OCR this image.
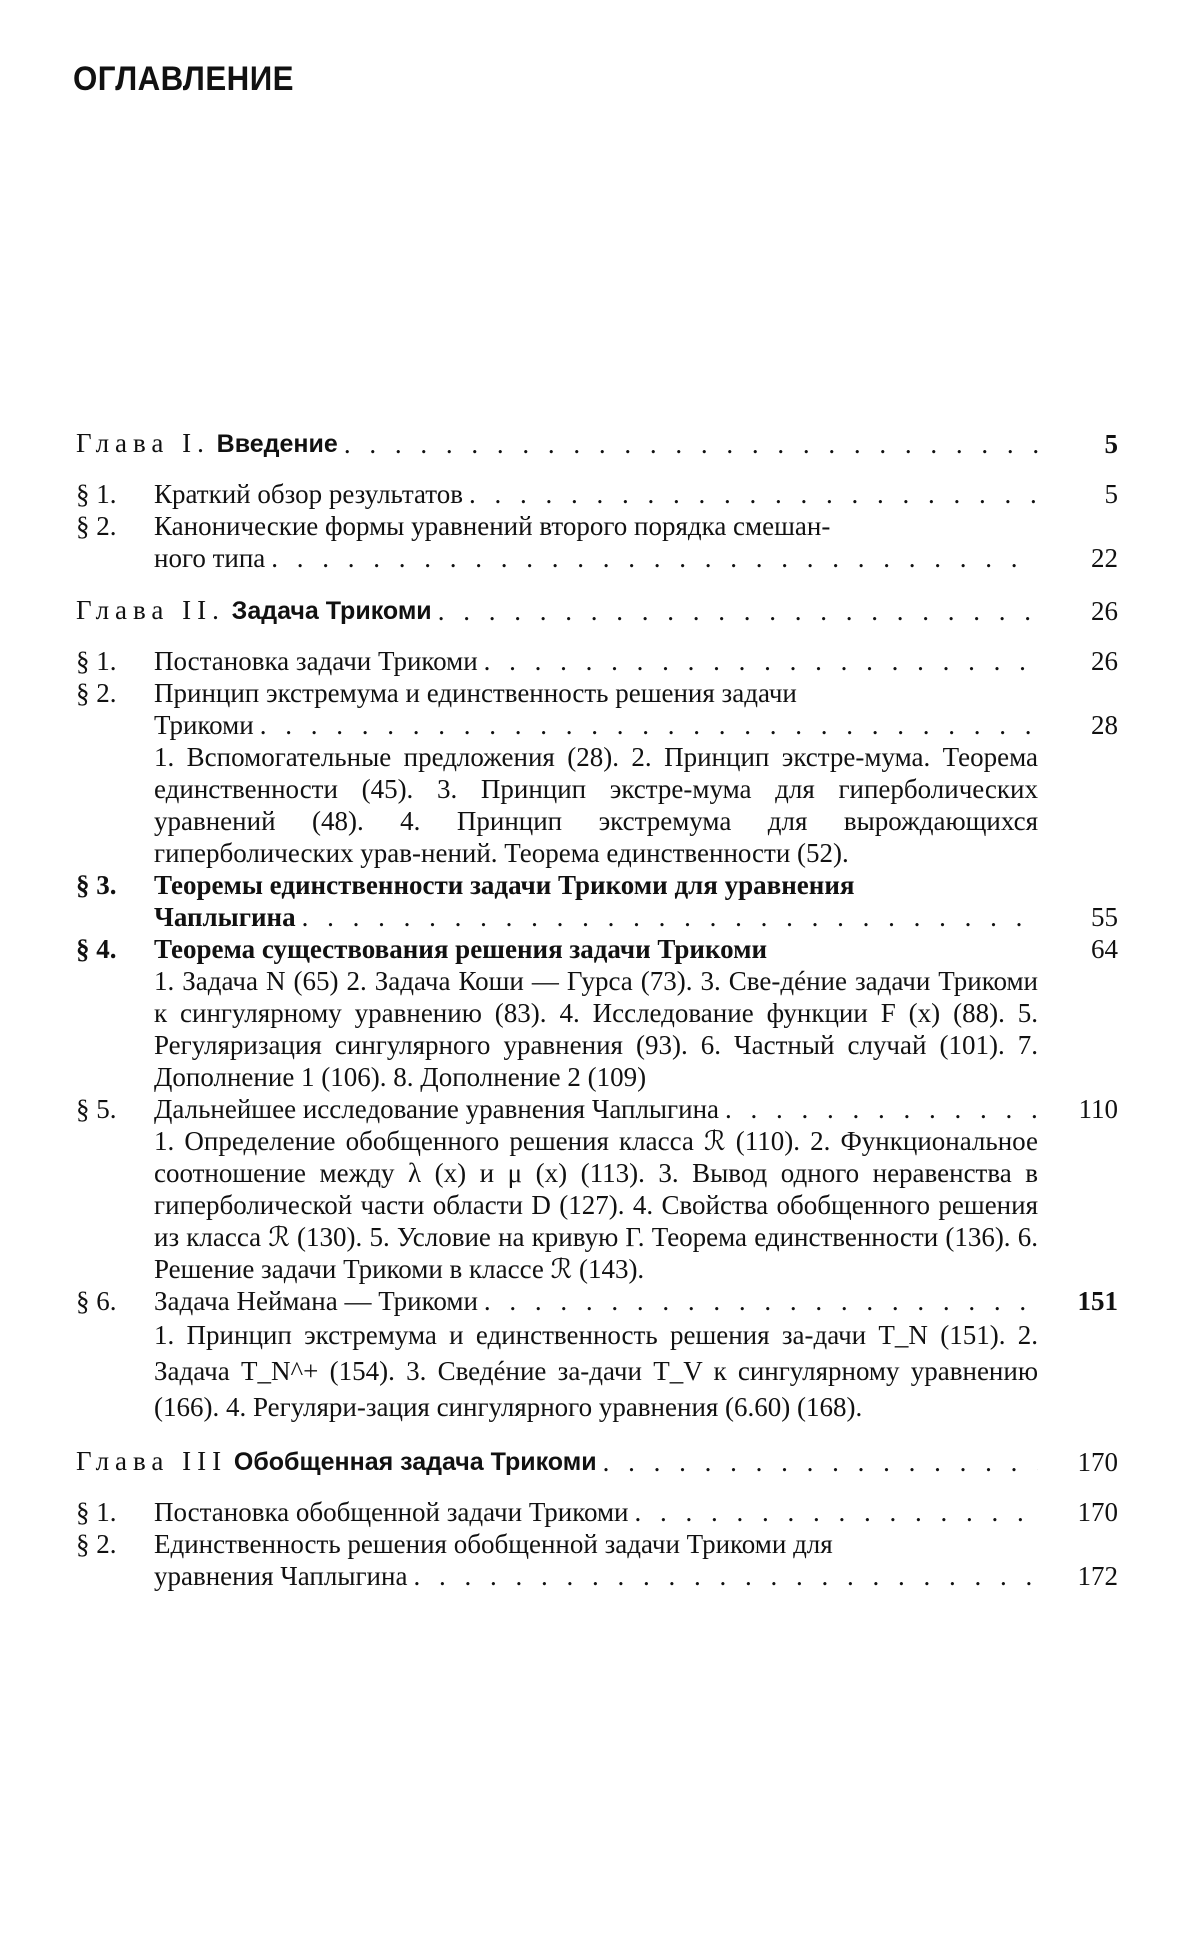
ОГЛАВЛЕНИЕ
Глава I. Введение . . .	5
§ 1.	Краткий обзор результатов . . .	5
§ 2.	Канонические формы уравнений второго порядка смешан-
ного типа . . .	22
Глава II. Задача Трикоми . . .	26
§ 1.	Постановка задачи Трикоми . . .	26
§ 2.	Принцип экстремума и единственность решения задачи
Трикоми . . .	28
1. Вспомогательные предложения (28). 2. Принцип экстре-мума. Теорема единственности (45). 3. Принцип экстре-мума для гиперболических уравнений (48). 4. Принцип экстремума для вырождающихся гиперболических урав-нений. Теорема единственности (52).
§ 3.	Теоремы единственности задачи Трикоми для уравнения
Чаплыгина . . .	55
§ 4.	Теорема существования решения задачи Трикоми	64
1. Задача N (65) 2. Задача Коши — Гурса (73). 3. Све-дéние задачи Трикоми к сингулярному уравнению (83). 4. Исследование функции F (x) (88). 5. Регуляризация сингулярного уравнения (93). 6. Частный случай (101). 7. Дополнение 1 (106). 8. Дополнение 2 (109)
§ 5.	Дальнейшее исследование уравнения Чаплыгина . . .	110
1. Определение обобщенного решения класса ℛ (110). 2. Функциональное соотношение между λ (x) и μ (x) (113). 3. Вывод одного неравенства в гиперболической части области D (127). 4. Свойства обобщенного решения из класса ℛ (130). 5. Условие на кривую Γ. Теорема единственности (136). 6. Решение задачи Трикоми в классе ℛ (143).
§ 6.	Задача Неймана — Трикоми . . .	151
1. Принцип экстремума и единственность решения за-дачи T_N (151). 2. Задача T_N^+ (154). 3. Сведéние за-дачи T_V к сингулярному уравнению (166). 4. Регуляри-зация сингулярного уравнения (6.60) (168).
Глава III Обобщенная задача Трикоми . . .	170
§ 1.	Постановка обобщенной задачи Трикоми . . .	170
§ 2.	Единственность решения обобщенной задачи Трикоми для
уравнения Чаплыгина . . .	172
